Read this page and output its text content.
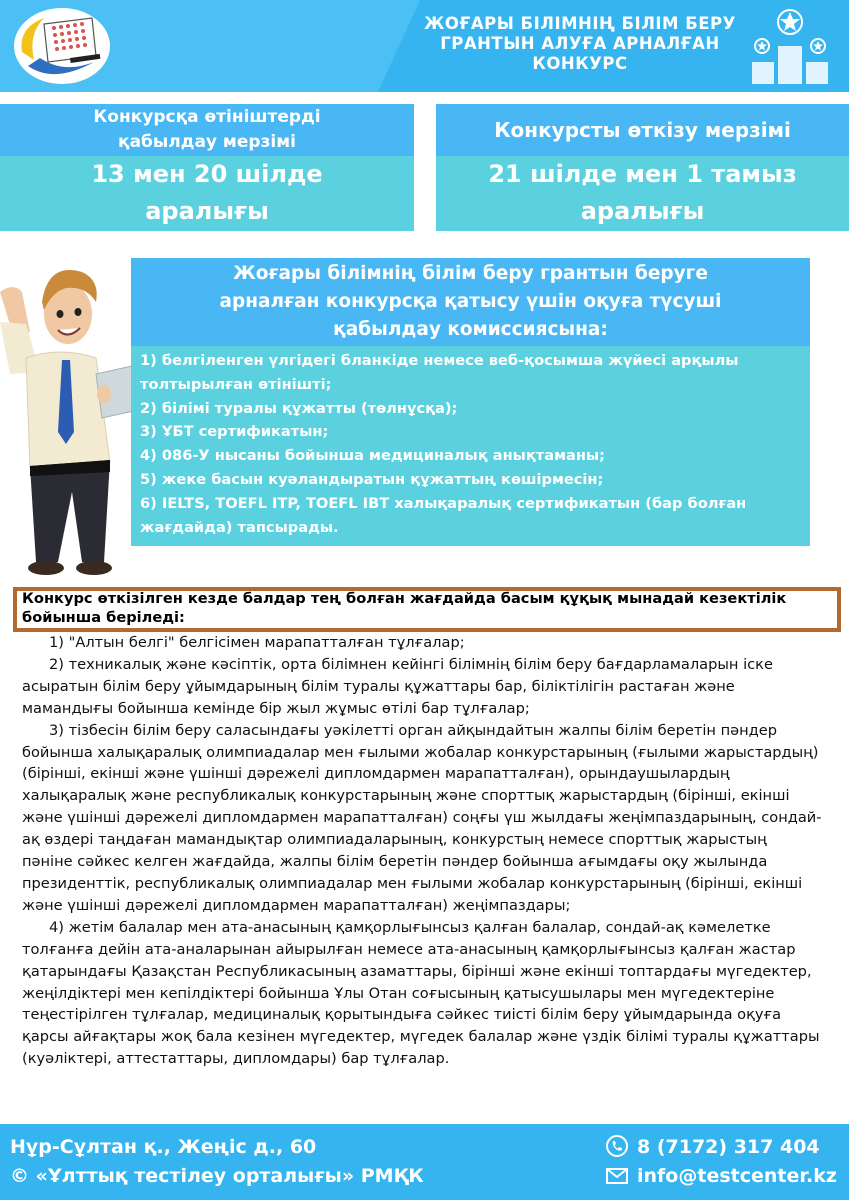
ЖОҒАРЫ БІЛІМНІҢ БІЛІМ БЕРУ
ГРАНТЫН АЛУҒА АРНАЛҒАН
КОНКУРС
Конкурсқа өтініштерді
қабылдау мерзімі
13 мен 20 шілде
аралығы
Конкурсты өткізу мерзімі
21 шілде мен 1 тамыз
аралығы
Жоғары білімнің білім беру грантын беруге
арналған конкурсқа қатысу үшін оқуға түсуші
қабылдау комиссиясына:
1) белгіленген үлгідегі бланкіде немесе веб-қосымша жүйесі арқылы толтырылған өтінішті;
2) білімі туралы құжатты (төлнұсқа);
3) ҰБТ сертификатын;
4) 086-У нысаны бойынша медициналық анықтаманы;
5) жеке басын куәландыратын құжаттың көшірмесін;
6) IELTS, TOEFL ITP, TOEFL IBT халықаралық сертификатын (бар болған жағдайда) тапсырады.
Конкурс өткізілген кезде балдар тең болған жағдайда басым құқық мынадай кезектілік бойынша беріледі:

1) "Алтын белгі" белгісімен марапатталған тұлғалар;

2) техникалық және кәсіптік, орта білімнен кейінгі білімнің білім беру бағдарламаларын іске асыратын білім беру ұйымдарының білім туралы құжаттары бар, біліктілігін растаған және мамандығы бойынша кемінде бір жыл жұмыс өтілі бар тұлғалар;

3) тізбесін білім беру саласындағы уәкілетті орган айқындайтын жалпы білім беретін пәндер бойынша халықаралық олимпиадалар мен ғылыми жобалар конкурстарының (ғылыми жарыстардың) (бірінші, екінші және үшінші дәрежелі дипломдармен марапатталған), орындаушылардың халықаралық және республикалық конкурстарының және спорттық жарыстардың (бірінші, екінші және үшінші дәрежелі дипломдармен марапатталған) соңғы үш жылдағы жеңімпаздарының, сондай-ақ өздері таңдаған мамандықтар олимпиадаларының, конкурстың немесе спорттық жарыстың пәніне сәйкес келген жағдайда, жалпы білім беретін пәндер бойынша ағымдағы оқу жылында президенттік, республикалық олимпиадалар мен ғылыми жобалар конкурстарының (бірінші, екінші және үшінші дәрежелі дипломдармен марапатталған) жеңімпаздары;

4) жетім балалар мен ата-анасының қамқорлығынсыз қалған балалар, сондай-ақ кәмелетке толғанға дейін ата-аналарынан айырылған немесе ата-анасының қамқорлығынсыз қалған жастар қатарындағы Қазақстан Республикасының азаматтары, бірінші және екінші топтардағы мүгедектер, жеңілдіктері мен кепілдіктері бойынша Ұлы Отан соғысының қатысушылары мен мүгедектеріне теңестірілген тұлғалар, медициналық қорытындыға сәйкес тиісті білім беру ұйымдарында оқуға қарсы айғақтары жоқ бала кезінен мүгедектер, мүгедек балалар және үздік білімі туралы құжаттары (куәліктері, аттестаттары, дипломдары) бар тұлғалар.

Нұр-Сұлтан қ., Жеңіс д., 60
© «Ұлттық тестілеу орталығы» РМҚК
8 (7172) 317 404
info@testcenter.kz
